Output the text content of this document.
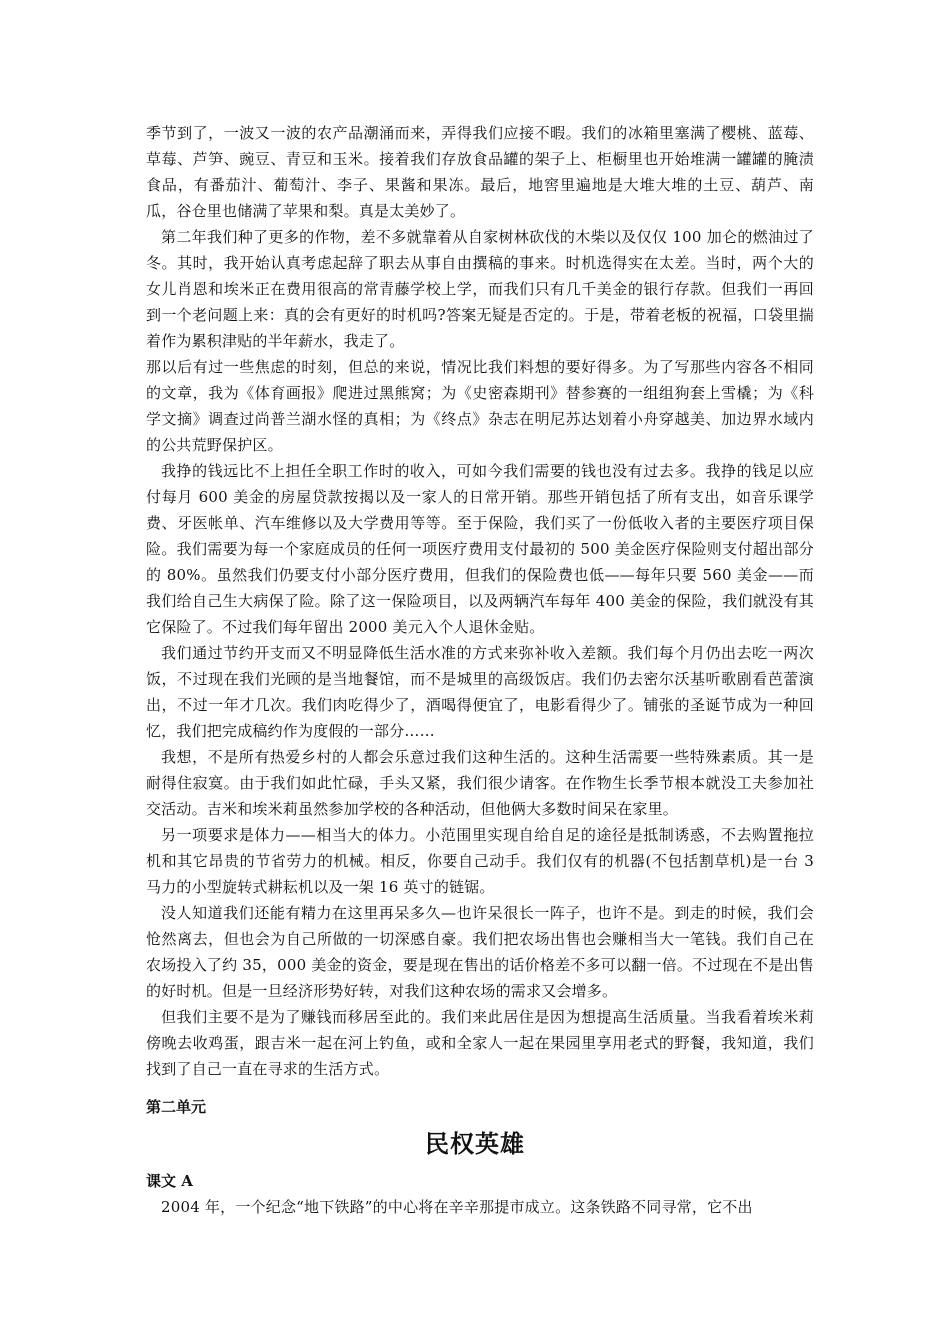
季节到了，一波又一波的农产品潮涌而来，弄得我们应接不暇。我们的冰箱里塞满了樱桃、蓝莓、草莓、芦笋、豌豆、青豆和玉米。接着我们存放食品罐的架子上、柜橱里也开始堆满一罐罐的腌渍食品，有番茄汁、葡萄汁、李子、果酱和果冻。最后，地窖里遍地是大堆大堆的土豆、葫芦、南瓜，谷仓里也储满了苹果和梨。真是太美妙了。

第二年我们种了更多的作物，差不多就靠着从自家树林砍伐的木柴以及仅仅 100 加仑的燃油过了冬。其时，我开始认真考虑起辞了职去从事自由撰稿的事来。时机选得实在太差。当时，两个大的女儿肖恩和埃米正在费用很高的常青藤学校上学，而我们只有几千美金的银行存款。但我们一再回到一个老问题上来：真的会有更好的时机吗?答案无疑是否定的。于是，带着老板的祝福，口袋里揣着作为累积津贴的半年薪水，我走了。

那以后有过一些焦虑的时刻，但总的来说，情况比我们料想的要好得多。为了写那些内容各不相同的文章，我为《体育画报》爬进过黑熊窝；为《史密森期刊》替参赛的一组组狗套上雪橇；为《科学文摘》调查过尚普兰湖水怪的真相；为《终点》杂志在明尼苏达划着小舟穿越美、加边界水域内的公共荒野保护区。

我挣的钱远比不上担任全职工作时的收入，可如今我们需要的钱也没有过去多。我挣的钱足以应付每月 600 美金的房屋贷款按揭以及一家人的日常开销。那些开销包括了所有支出，如音乐课学费、牙医帐单、汽车维修以及大学费用等等。至于保险，我们买了一份低收入者的主要医疗项目保险。我们需要为每一个家庭成员的任何一项医疗费用支付最初的 500 美金医疗保险则支付超出部分的 80%。虽然我们仍要支付小部分医疗费用，但我们的保险费也低——每年只要 560 美金——而我们给自己生大病保了险。除了这一保险项目，以及两辆汽车每年 400 美金的保险，我们就没有其它保险了。不过我们每年留出 2000 美元入个人退休金贴。

我们通过节约开支而又不明显降低生活水准的方式来弥补收入差额。我们每个月仍出去吃一两次饭，不过现在我们光顾的是当地餐馆，而不是城里的高级饭店。我们仍去密尔沃基听歌剧看芭蕾演出，不过一年才几次。我们肉吃得少了，酒喝得便宜了，电影看得少了。铺张的圣诞节成为一种回忆，我们把完成稿约作为度假的一部分……

我想，不是所有热爱乡村的人都会乐意过我们这种生活的。这种生活需要一些特殊素质。其一是耐得住寂寞。由于我们如此忙碌，手头又紧，我们很少请客。在作物生长季节根本就没工夫参加社交活动。吉米和埃米莉虽然参加学校的各种活动，但他俩大多数时间呆在家里。

另一项要求是体力——相当大的体力。小范围里实现自给自足的途径是抵制诱惑，不去购置拖拉机和其它昂贵的节省劳力的机械。相反，你要自己动手。我们仅有的机器(不包括割草机)是一台 3 马力的小型旋转式耕耘机以及一架 16 英寸的链锯。

没人知道我们还能有精力在这里再呆多久—也许呆很长一阵子，也许不是。到走的时候，我们会怆然离去，但也会为自己所做的一切深感自豪。我们把农场出售也会赚相当大一笔钱。我们自己在农场投入了约 35，000 美金的资金，要是现在售出的话价格差不多可以翻一倍。不过现在不是出售的好时机。但是一旦经济形势好转，对我们这种农场的需求又会增多。

但我们主要不是为了赚钱而移居至此的。我们来此居住是因为想提高生活质量。当我看着埃米莉傍晚去收鸡蛋，跟吉米一起在河上钓鱼，或和全家人一起在果园里享用老式的野餐，我知道，我们找到了自己一直在寻求的生活方式。

第二单元

民权英雄

课文 A

2004 年，一个纪念“地下铁路”的中心将在辛辛那提市成立。这条铁路不同寻常，它不出
